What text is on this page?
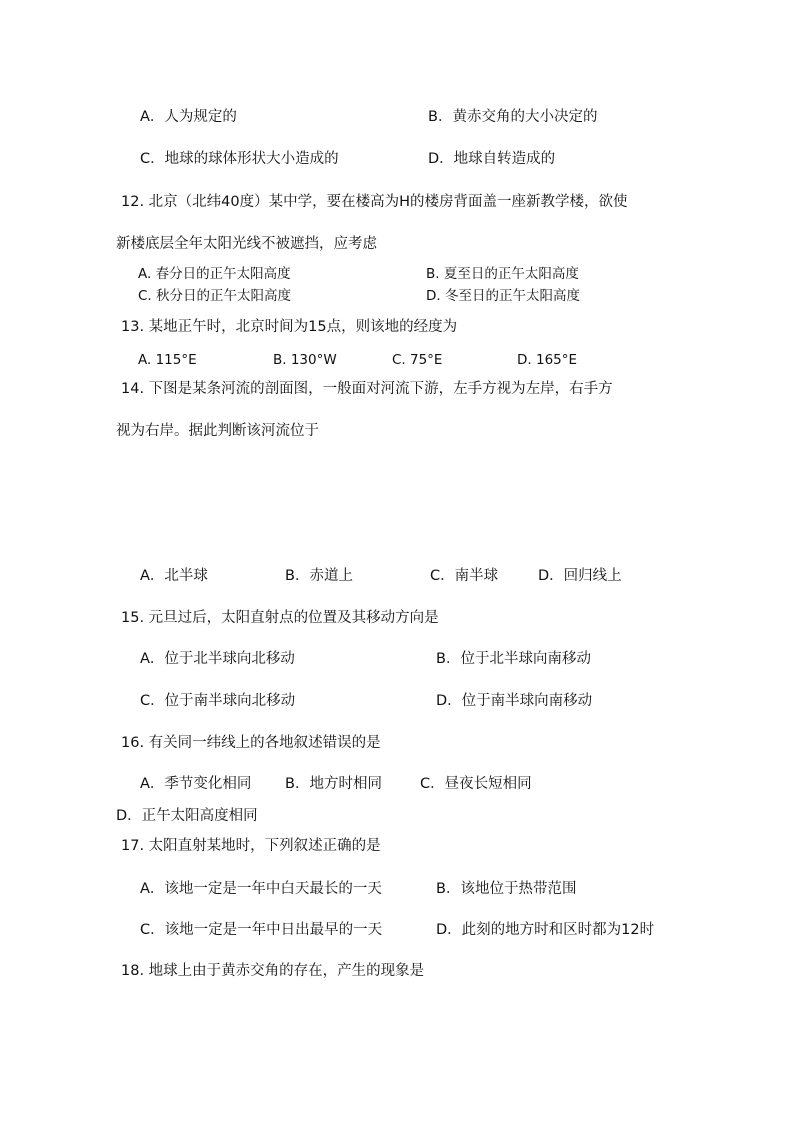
A．人为规定的	B．黄赤交角的大小决定的
C．地球的球体形状大小造成的	D．地球自转造成的
12. 北京（北纬40度）某中学，要在楼高为H的楼房背面盖一座新教学楼，欲使
新楼底层全年太阳光线不被遮挡，应考虑
A. 春分日的正午太阳高度	B. 夏至日的正午太阳高度
C. 秋分日的正午太阳高度	D. 冬至日的正午太阳高度
13. 某地正午时，北京时间为15点，则该地的经度为
A. 115°E	B. 130°W	C. 75°E	D. 165°E
14. 下图是某条河流的剖面图，一般面对河流下游，左手方视为左岸，右手方
视为右岸。据此判断该河流位于
A．北半球	B．赤道上	C．南半球	D．回归线上
15. 元旦过后，太阳直射点的位置及其移动方向是
A．位于北半球向北移动	B．位于北半球向南移动
C．位于南半球向北移动	D．位于南半球向南移动
16. 有关同一纬线上的各地叙述错误的是
A．季节变化相同 B．地方时相同	C．昼夜长短相同
D．正午太阳高度相同
17. 太阳直射某地时，下列叙述正确的是
A．该地一定是一年中白天最长的一天	B．该地位于热带范围
C．该地一定是一年中日出最早的一天	D．此刻的地方时和区时都为12时
18. 地球上由于黄赤交角的存在，产生的现象是
